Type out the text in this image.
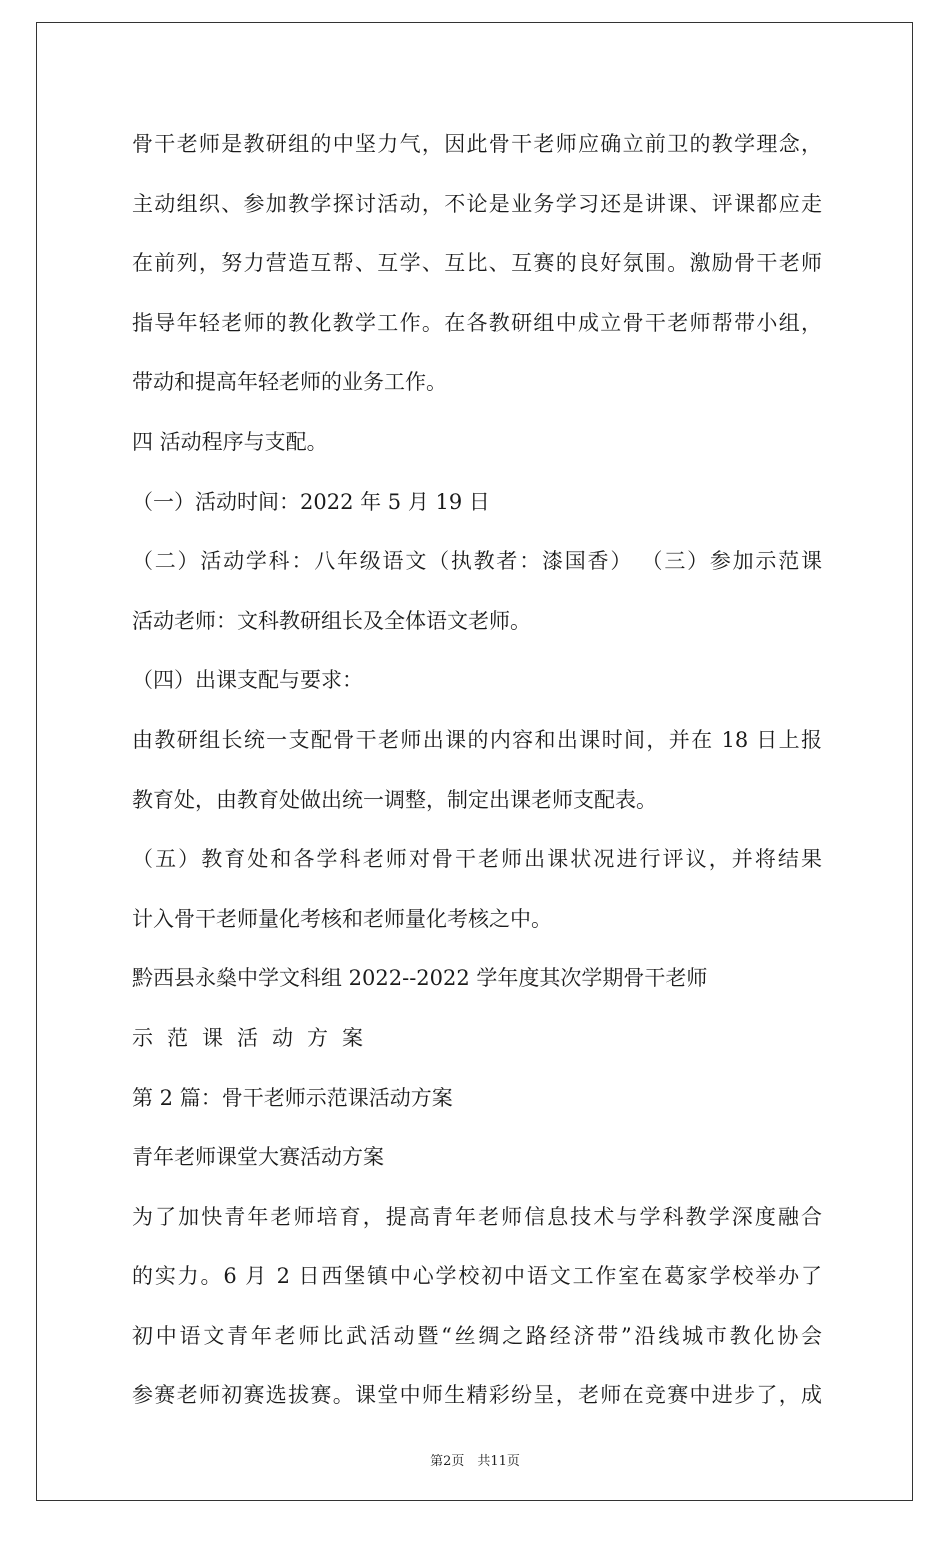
骨干老师是教研组的中坚力气，因此骨干老师应确立前卫的教学理念，
主动组织、参加教学探讨活动，不论是业务学习还是讲课、评课都应走
在前列，努力营造互帮、互学、互比、互赛的良好氛围。激励骨干老师
指导年轻老师的教化教学工作。在各教研组中成立骨干老师帮带小组，
带动和提高年轻老师的业务工作。
四 活动程序与支配。
（一）活动时间：2022 年 5 月 19 日
（二）活动学科：八年级语文（执教者：漆国香） （三）参加示范课
活动老师：文科教研组长及全体语文老师。
（四）出课支配与要求：
由教研组长统一支配骨干老师出课的内容和出课时间，并在 18 日上报
教育处，由教育处做出统一调整，制定出课老师支配表。
（五）教育处和各学科老师对骨干老师出课状况进行评议，并将结果
计入骨干老师量化考核和老师量化考核之中。
黔西县永燊中学文科组 2022--2022 学年度其次学期骨干老师
示范课活动方案
第 2 篇：骨干老师示范课活动方案
青年老师课堂大赛活动方案
为了加快青年老师培育，提高青年老师信息技术与学科教学深度融合
的实力。6 月 2 日西堡镇中心学校初中语文工作室在葛家学校举办了
初中语文青年老师比武活动暨“丝绸之路经济带”沿线城市教化协会
参赛老师初赛选拔赛。课堂中师生精彩纷呈，老师在竞赛中进步了，成
第2页　共11页
